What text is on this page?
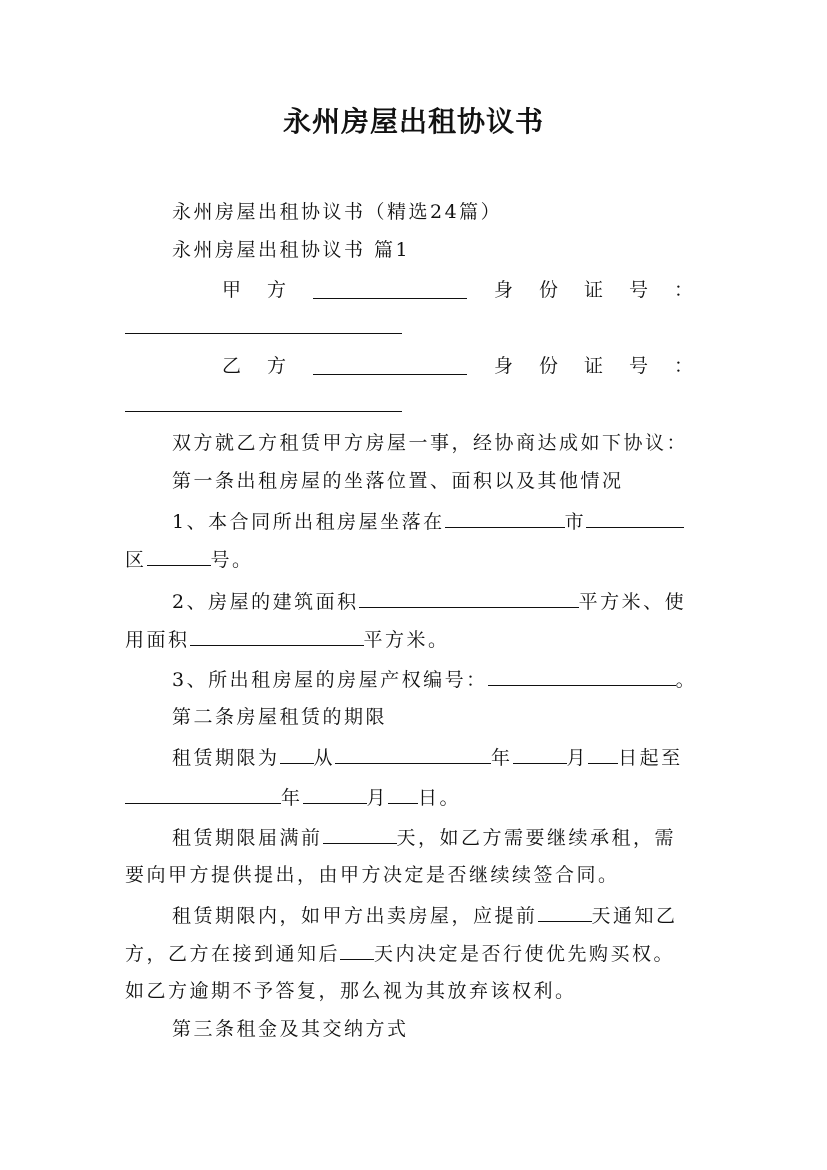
永州房屋出租协议书
永州房屋出租协议书（精选24篇）
永州房屋出租协议书 篇1
甲方	身份证号：
乙方	身份证号：
双方就乙方租赁甲方房屋一事，经协商达成如下协议：
第一条出租房屋的坐落位置、面积以及其他情况
1、本合同所出租房屋坐落在	市
区	号。
2、房屋的建筑面积	平方米、使
用面积	平方米。
3、所出租房屋的房屋产权编号：	。
第二条房屋租赁的期限
租赁期限为 从	年	月 日起至
年	月 日。
租赁期限届满前	天，如乙方需要继续承租，需
要向甲方提供提出，由甲方决定是否继续续签合同。
租赁期限内，如甲方出卖房屋，应提前	天通知乙
方，乙方在接到通知后 天内决定是否行使优先购买权。
如乙方逾期不予答复，那么视为其放弃该权利。
第三条租金及其交纳方式
